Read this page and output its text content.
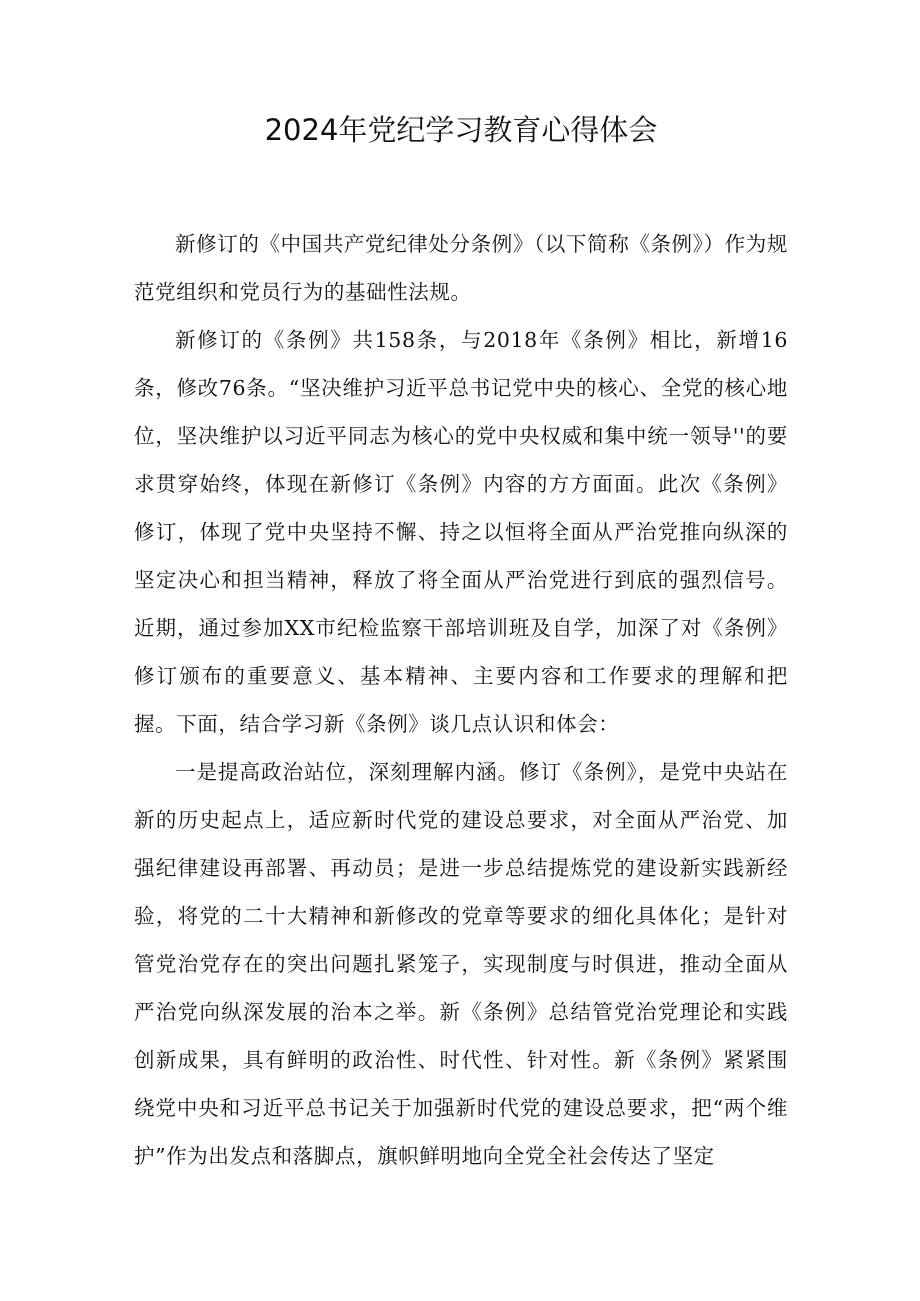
2024年党纪学习教育心得体会

新修订的《中国共产党纪律处分条例》（以下简称《条例》）作为规范党组织和党员行为的基础性法规。

新修订的《条例》共158条，与2018年《条例》相比，新增16条，修改76条。“坚决维护习近平总书记党中央的核心、全党的核心地位，坚决维护以习近平同志为核心的党中央权威和集中统一领导''的要求贯穿始终，体现在新修订《条例》内容的方方面面。此次《条例》修订，体现了党中央坚持不懈、持之以恒将全面从严治党推向纵深的坚定决心和担当精神，释放了将全面从严治党进行到底的强烈信号。近期，通过参加XX市纪检监察干部培训班及自学，加深了对《条例》修订颁布的重要意义、基本精神、主要内容和工作要求的理解和把握。下面，结合学习新《条例》谈几点认识和体会：

一是提高政治站位，深刻理解内涵。修订《条例》，是党中央站在新的历史起点上，适应新时代党的建设总要求，对全面从严治党、加强纪律建设再部署、再动员；是进一步总结提炼党的建设新实践新经验，将党的二十大精神和新修改的党章等要求的细化具体化；是针对管党治党存在的突出问题扎紧笼子，实现制度与时俱进，推动全面从严治党向纵深发展的治本之举。新《条例》总结管党治党理论和实践创新成果，具有鲜明的政治性、时代性、针对性。新《条例》紧紧围绕党中央和习近平总书记关于加强新时代党的建设总要求，把“两个维护”作为出发点和落脚点，旗帜鲜明地向全党全社会传达了坚定
